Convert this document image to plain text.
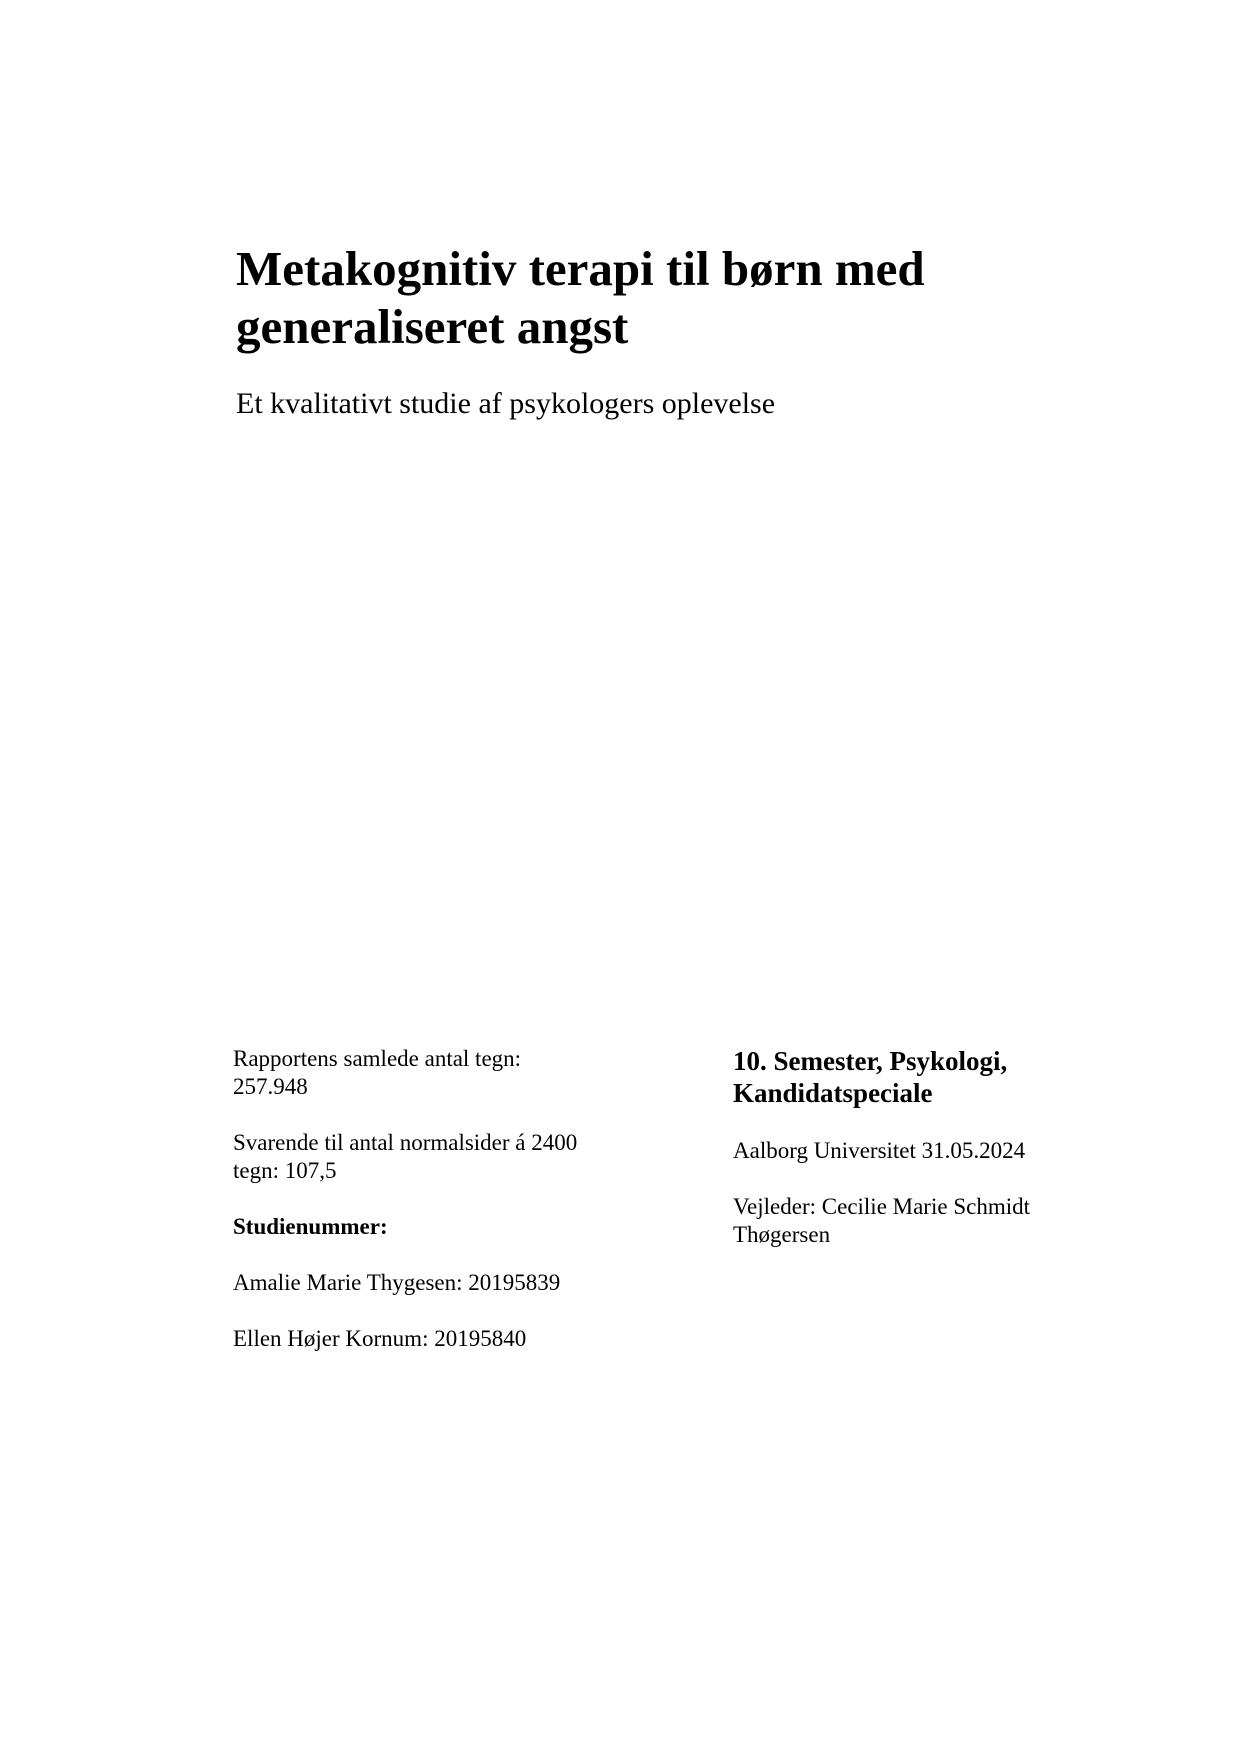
Metakognitiv terapi til børn med
generaliseret angst
Et kvalitativt studie af psykologers oplevelse

Rapportens samlede antal tegn:
257.948

Svarende til antal normalsider á 2400
tegn: 107,5

Studienummer:

Amalie Marie Thygesen: 20195839

Ellen Højer Kornum: 20195840

10. Semester, Psykologi,
Kandidatspeciale

Aalborg Universitet 31.05.2024

Vejleder: Cecilie Marie Schmidt
Thøgersen
